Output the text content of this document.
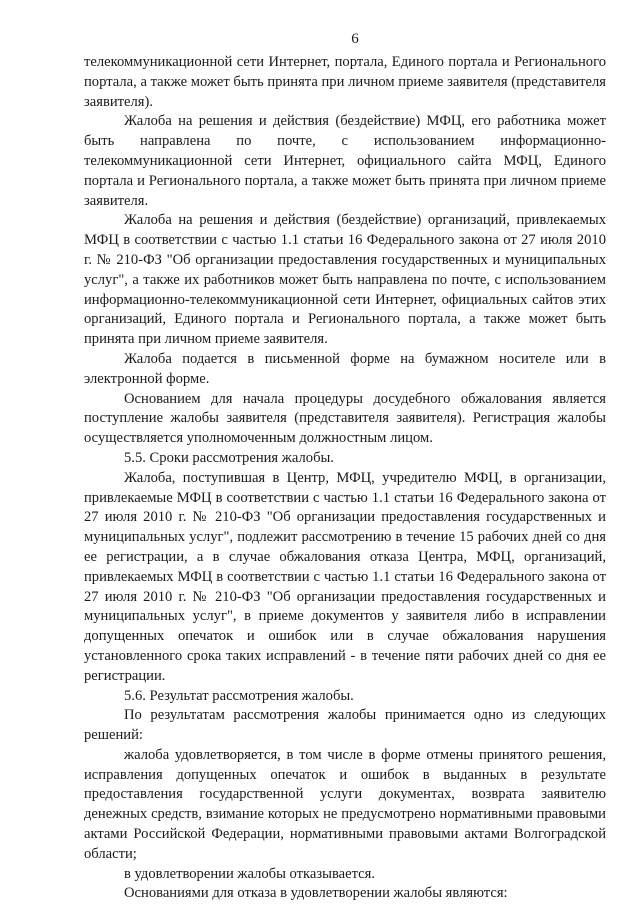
6

телекоммуникационной сети Интернет, портала, Единого портала и Регионального портала, а также может быть принята при личном приеме заявителя (представителя заявителя).

Жалоба на решения и действия (бездействие) МФЦ, его работника может быть направлена по почте, с использованием информационно-телекоммуникационной сети Интернет, официального сайта МФЦ, Единого портала и Регионального портала, а также может быть принята при личном приеме заявителя.

Жалоба на решения и действия (бездействие) организаций, привлекаемых МФЦ в соответствии с частью 1.1 статьи 16 Федерального закона от 27 июля 2010 г. № 210-ФЗ "Об организации предоставления государственных и муниципальных услуг", а также их работников может быть направлена по почте, с использованием информационно-телекоммуникационной сети Интернет, официальных сайтов этих организаций, Единого портала и Регионального портала, а также может быть принята при личном приеме заявителя.

Жалоба подается в письменной форме на бумажном носителе или в электронной форме.

Основанием для начала процедуры досудебного обжалования является поступление жалобы заявителя (представителя заявителя). Регистрация жалобы осуществляется уполномоченным должностным лицом.

5.5. Сроки рассмотрения жалобы.

Жалоба, поступившая в Центр, МФЦ, учредителю МФЦ, в организации, привлекаемые МФЦ в соответствии с частью 1.1 статьи 16 Федерального закона от 27 июля 2010 г. № 210-ФЗ "Об организации предоставления государственных и муниципальных услуг", подлежит рассмотрению в течение 15 рабочих дней со дня ее регистрации, а в случае обжалования отказа Центра, МФЦ, организаций, привлекаемых МФЦ в соответствии с частью 1.1 статьи 16 Федерального закона от 27 июля 2010 г. № 210-ФЗ "Об организации предоставления государственных и муниципальных услуг", в приеме документов у заявителя либо в исправлении допущенных опечаток и ошибок или в случае обжалования нарушения установленного срока таких исправлений - в течение пяти рабочих дней со дня ее регистрации.

5.6. Результат рассмотрения жалобы.

По результатам рассмотрения жалобы принимается одно из следующих решений:

жалоба удовлетворяется, в том числе в форме отмены принятого решения, исправления допущенных опечаток и ошибок в выданных в результате предоставления государственной услуги документах, возврата заявителю денежных средств, взимание которых не предусмотрено нормативными правовыми актами Российской Федерации, нормативными правовыми актами Волгоградской области;

в удовлетворении жалобы отказывается.

Основаниями для отказа в удовлетворении жалобы являются:
